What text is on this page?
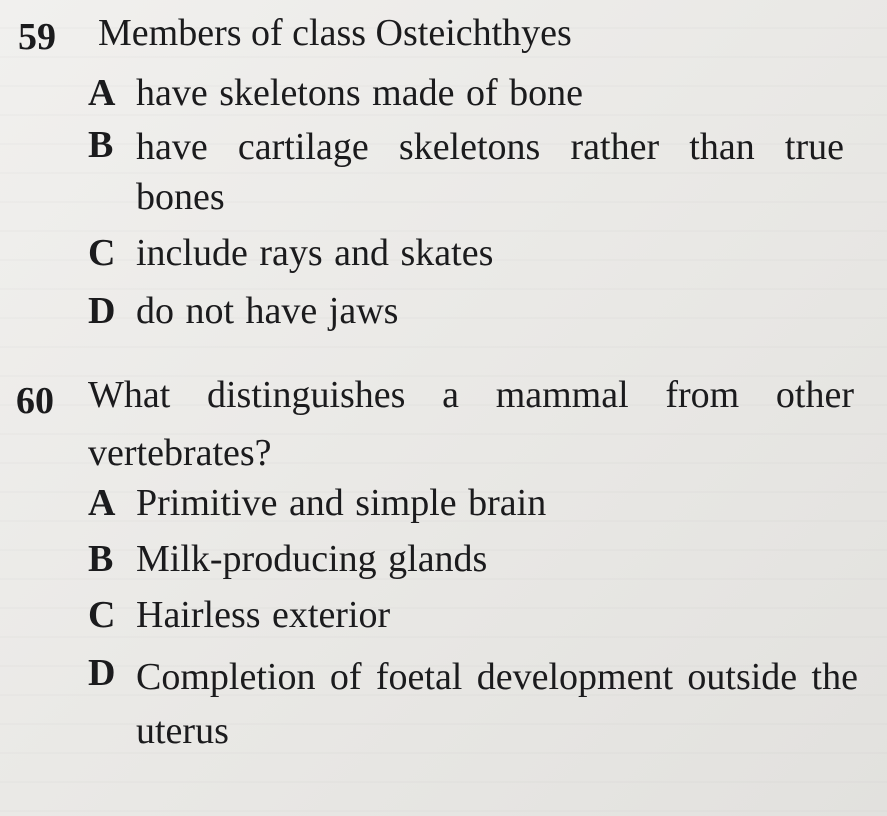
59 Members of class Osteichthyes
A have skeletons made of bone
B have cartilage skeletons rather than true bones
C include rays and skates
D do not have jaws
60 What distinguishes a mammal from other vertebrates?
A Primitive and simple brain
B Milk-producing glands
C Hairless exterior
D Completion of foetal development outside the uterus
